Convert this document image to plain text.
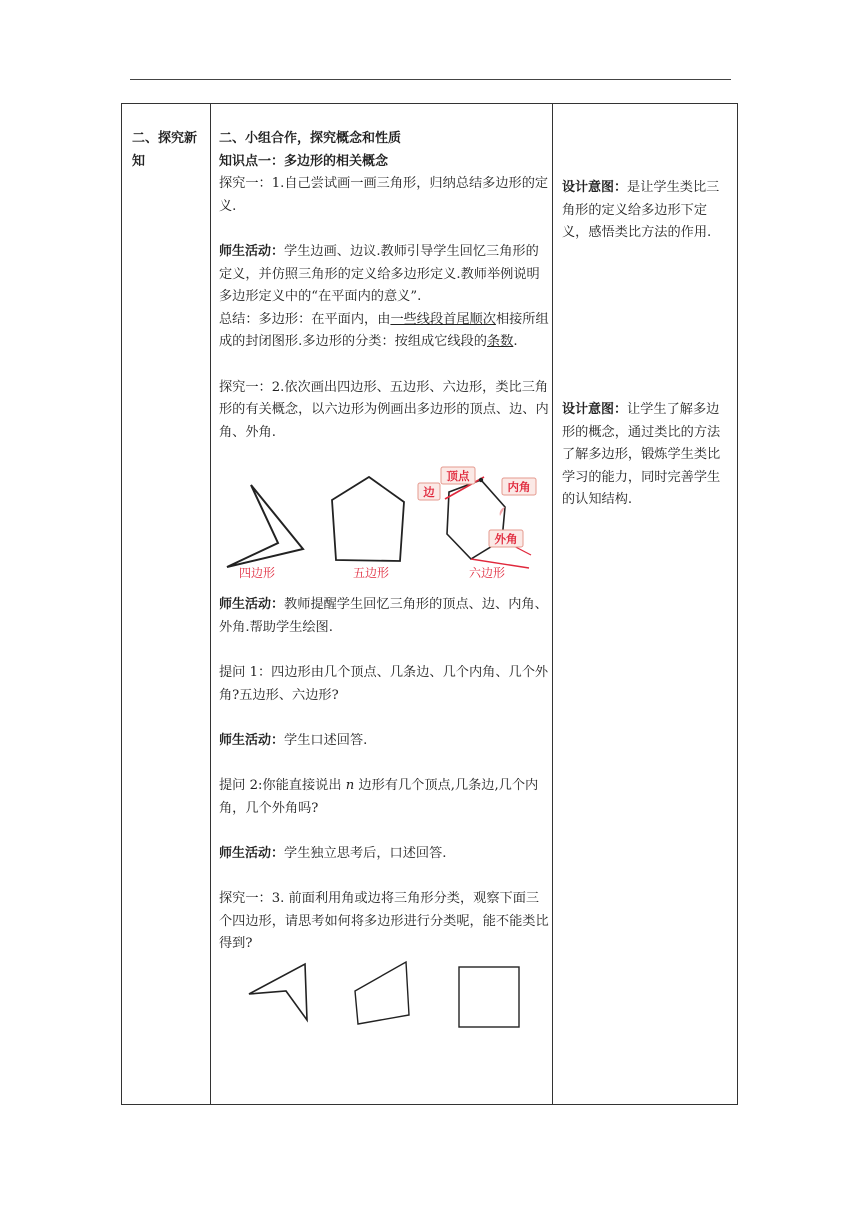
二、探究新知

二、小组合作，探究概念和性质

知识点一：多边形的相关概念

探究一：1.自己尝试画一画三角形，归纳总结多边形的定义.

师生活动：学生边画、边议.教师引导学生回忆三角形的定义，并仿照三角形的定义给多边形定义.教师举例说明多边形定义中的“在平面内的意义”.

总结：多边形：在平面内，由一些线段首尾顺次相接所组成的封闭图形.多边形的分类：按组成它线段的条数.

探究一：2.依次画出四边形、五边形、六边形，类比三角形的有关概念，以六边形为例画出多边形的顶点、边、内角、外角.

四边形	五边形
顶点
边	内角
外角
六边形

师生活动：教师提醒学生回忆三角形的顶点、边、内角、外角.帮助学生绘图.

提问 1：四边形由几个顶点、几条边、几个内角、几个外角?五边形、六边形?

师生活动：学生口述回答.

提问 2:你能直接说出 n 边形有几个顶点,几条边,几个内角，几个外角吗?

师生活动：学生独立思考后，口述回答.

探究一：3. 前面利用角或边将三角形分类，观察下面三个四边形，请思考如何将多边形进行分类呢，能不能类比得到?

设计意图：是让学生类比三角形的定义给多边形下定义，感悟类比方法的作用.

设计意图：让学生了解多边形的概念，通过类比的方法了解多边形，锻炼学生类比学习的能力，同时完善学生的认知结构.
